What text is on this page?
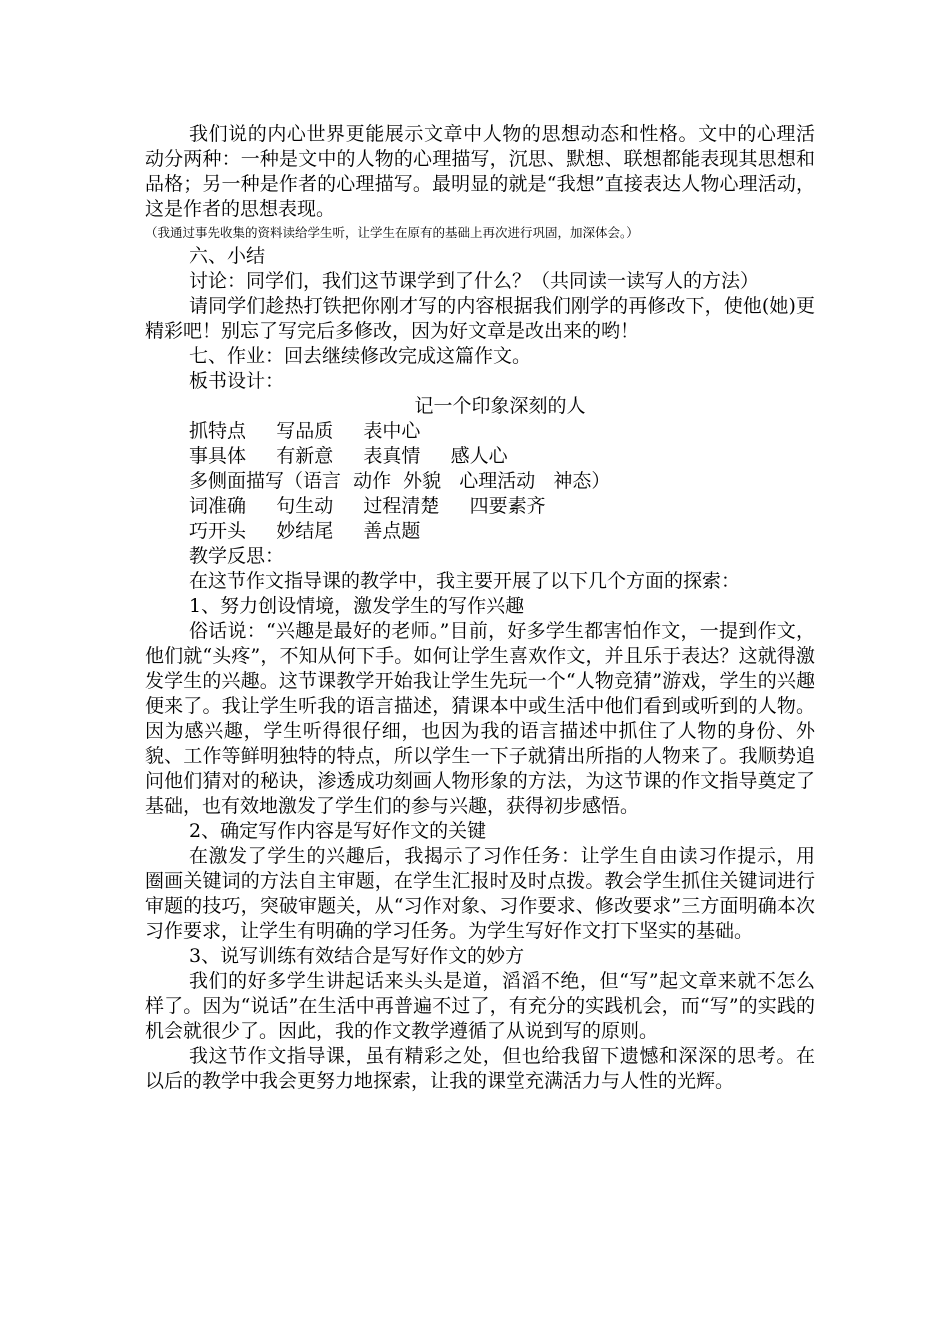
我们说的内心世界更能展示文章中人物的思想动态和性格。文中的心理活动分两种：一种是文中的人物的心理描写，沉思、默想、联想都能表现其思想和品格；另一种是作者的心理描写。最明显的就是“我想”直接表达人物心理活动，这是作者的思想表现。

（我通过事先收集的资料读给学生听，让学生在原有的基础上再次进行巩固，加深体会。）

六、小结

讨论：同学们，我们这节课学到了什么？（共同读一读写人的方法）

请同学们趁热打铁把你刚才写的内容根据我们刚学的再修改下，使他(她)更精彩吧！别忘了写完后多修改，因为好文章是改出来的哟！

七、作业：回去继续修改完成这篇作文。

板书设计：

记一个印象深刻的人

抓特点     写品质     表中心

事具体     有新意     表真情     感人心

多侧面描写（语言  动作  外貌   心理活动   神态）

词准确     句生动     过程清楚     四要素齐

巧开头     妙结尾     善点题

教学反思：

在这节作文指导课的教学中，我主要开展了以下几个方面的探索：

1、努力创设情境，激发学生的写作兴趣

俗话说：“兴趣是最好的老师。”目前，好多学生都害怕作文，一提到作文，他们就“头疼”，不知从何下手。如何让学生喜欢作文，并且乐于表达？这就得激发学生的兴趣。这节课教学开始我让学生先玩一个“人物竞猜”游戏，学生的兴趣便来了。我让学生听我的语言描述，猜课本中或生活中他们看到或听到的人物。因为感兴趣，学生听得很仔细，也因为我的语言描述中抓住了人物的身份、外貌、工作等鲜明独特的特点，所以学生一下子就猜出所指的人物来了。我顺势追问他们猜对的秘诀，渗透成功刻画人物形象的方法，为这节课的作文指导奠定了基础，也有效地激发了学生们的参与兴趣，获得初步感悟。

2、确定写作内容是写好作文的关键

在激发了学生的兴趣后，我揭示了习作任务：让学生自由读习作提示，用圈画关键词的方法自主审题，在学生汇报时及时点拨。教会学生抓住关键词进行审题的技巧，突破审题关，从“习作对象、习作要求、修改要求”三方面明确本次习作要求，让学生有明确的学习任务。为学生写好作文打下坚实的基础。

3、说写训练有效结合是写好作文的妙方

我们的好多学生讲起话来头头是道，滔滔不绝，但“写”起文章来就不怎么样了。因为“说话”在生活中再普遍不过了，有充分的实践机会，而“写”的实践的机会就很少了。因此，我的作文教学遵循了从说到写的原则。

我这节作文指导课，虽有精彩之处，但也给我留下遗憾和深深的思考。在以后的教学中我会更努力地探索，让我的课堂充满活力与人性的光辉。
